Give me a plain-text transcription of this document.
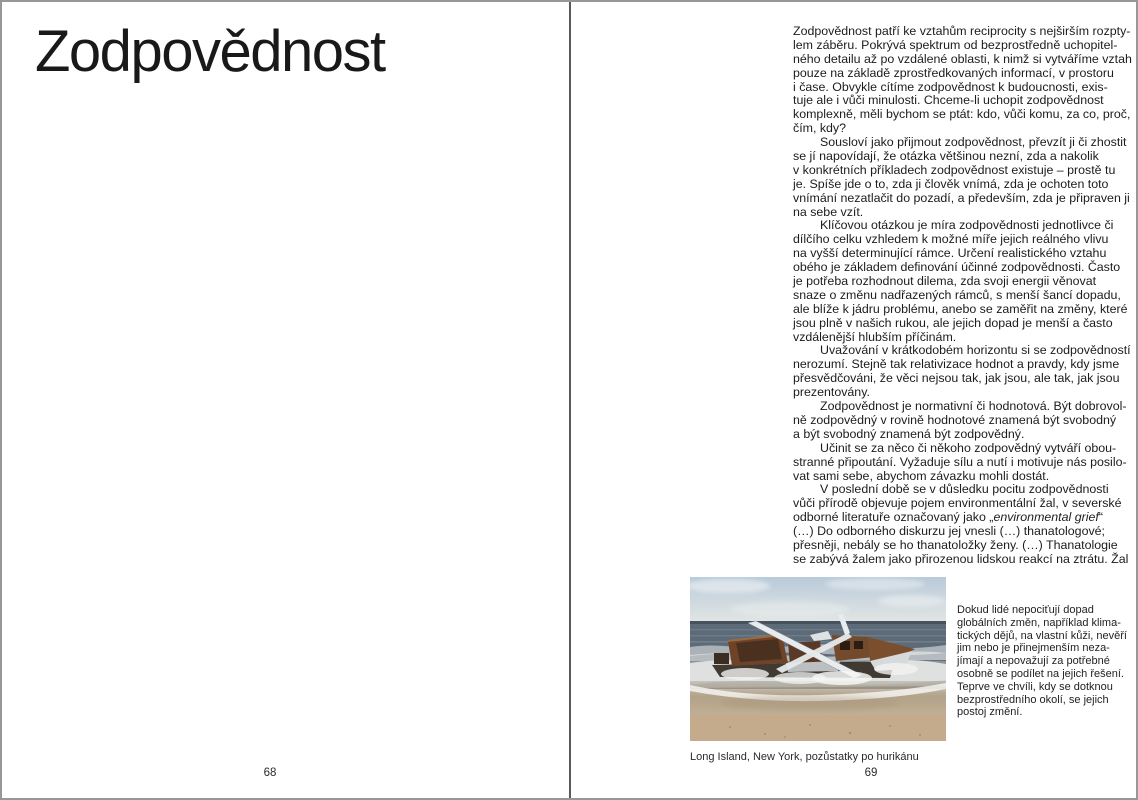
Zodpovědnost
68

Zodpovědnost patří ke vztahům reciprocity s nejširším rozpty-
lem záběru. Pokrývá spektrum od bezprostředně uchopitel-
ného detailu až po vzdálené oblasti, k nimž si vytváříme vztah
pouze na základě zprostředkovaných informací, v prostoru
i čase. Obvykle cítíme zodpovědnost k budoucnosti, exis-
tuje ale i vůči minulosti. Chceme-li uchopit zodpovědnost
komplexně, měli bychom se ptát: kdo, vůči komu, za co, proč,
čím, kdy?

Sousloví jako přijmout zodpovědnost, převzít ji či zhostit
se jí napovídají, že otázka většinou nezní, zda a nakolik
v konkrétních příkladech zodpovědnost existuje – prostě tu
je. Spíše jde o to, zda ji člověk vnímá, zda je ochoten toto
vnímání nezatlačit do pozadí, a především, zda je připraven ji
na sebe vzít.

Klíčovou otázkou je míra zodpovědnosti jednotlivce či
dílčího celku vzhledem k možné míře jejich reálného vlivu
na vyšší determinující rámce. Určení realistického vztahu
obého je základem definování účinné zodpovědnosti. Často
je potřeba rozhodnout dilema, zda svoji energii věnovat
snaze o změnu nadřazených rámců, s menší šancí dopadu,
ale blíže k jádru problému, anebo se zaměřit na změny, které
jsou plně v našich rukou, ale jejich dopad je menší a často
vzdálenější hlubším příčinám.

Uvažování v krátkodobém horizontu si se zodpovědností
nerozumí. Stejně tak relativizace hodnot a pravdy, kdy jsme
přesvědčováni, že věci nejsou tak, jak jsou, ale tak, jak jsou
prezentovány.

Zodpovědnost je normativní či hodnotová. Být dobrovol-
ně zodpovědný v rovině hodnotové znamená být svobodný
a být svobodný znamená být zodpovědný.

Učinit se za něco či někoho zodpovědný vytváří obou-
stranné připoutání. Vyžaduje sílu a nutí i motivuje nás posilo-
vat sami sebe, abychom závazku mohli dostát.

V poslední době se v důsledku pocitu zodpovědnosti
vůči přírodě objevuje pojem environmentální žal, v severské
odborné literatuře označovaný jako „environmental grief“
(…) Do odborného diskurzu jej vnesli (…) thanatologové;
přesněji, nebály se ho thanatoložky ženy. (…) Thanatologie
se zabývá žalem jako přirozenou lidskou reakcí na ztrátu. Žal

Long Island, New York, pozůstatky po hurikánu
Dokud lidé nepociťují dopad
globálních změn, například klima-
tických dějů, na vlastní kůži, nevěří
jim nebo je přinejmenším neza-
jímají a nepovažují za potřebné
osobně se podílet na jejich řešení.
Teprve ve chvíli, kdy se dotknou
bezprostředního okolí, se jejich
postoj změní.
69
